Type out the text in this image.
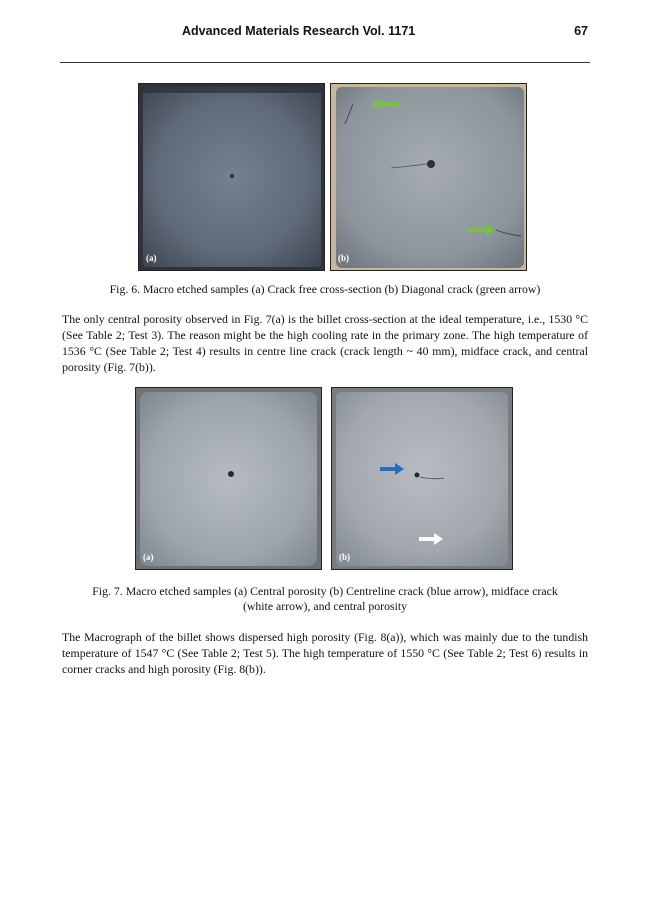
Advanced Materials Research Vol. 1171	67
(a)	(b)
Fig. 6. Macro etched samples (a) Crack free cross-section (b) Diagonal crack (green arrow)

The only central porosity observed in Fig. 7(a) is the billet cross-section at the ideal temperature, i.e., 1530 °C (See Table 2; Test 3). The reason might be the high cooling rate in the primary zone. The high temperature of 1536 °C (See Table 2; Test 4) results in centre line crack (crack length ~ 40 mm), midface crack, and central porosity (Fig. 7(b)).

(a)	(b)
Fig. 7. Macro etched samples (a) Central porosity (b) Centreline crack (blue arrow), midface crack
(white arrow), and central porosity

The Macrograph of the billet shows dispersed high porosity (Fig. 8(a)), which was mainly due to the tundish temperature of 1547 °C (See Table 2; Test 5). The high temperature of 1550 °C (See Table 2; Test 6) results in corner cracks and high porosity (Fig. 8(b)).
